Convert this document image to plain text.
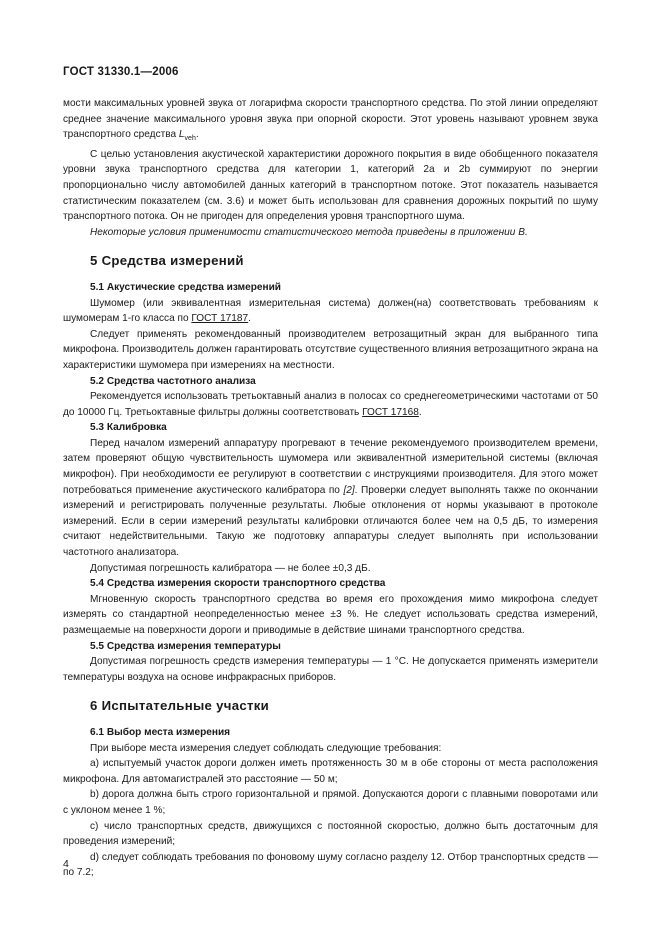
ГОСТ 31330.1—2006

мости максимальных уровней звука от логарифма скорости транспортного средства. По этой линии определяют среднее значение максимального уровня звука при опорной скорости. Этот уровень называют уровнем звука транспортного средства $L_{veh}$.

С целью установления акустической характеристики дорожного покрытия в виде обобщенного показателя уровни звука транспортного средства для категории 1, категорий 2a и 2b суммируют по энергии пропорционально числу автомобилей данных категорий в транспортном потоке. Этот показатель называется статистическим показателем (см. 3.6) и может быть использован для сравнения дорожных покрытий по шуму транспортного потока. Он не пригоден для определения уровня транспортного шума.

Некоторые условия применимости статистического метода приведены в приложении В.

5 Средства измерений

5.1 Акустические средства измерений

Шумомер (или эквивалентная измерительная система) должен(на) соответствовать требованиям к шумомерам 1-го класса по ГОСТ 17187.

Следует применять рекомендованный производителем ветрозащитный экран для выбранного типа микрофона. Производитель должен гарантировать отсутствие существенного влияния ветрозащитного экрана на характеристики шумомера при измерениях на местности.

5.2 Средства частотного анализа

Рекомендуется использовать третьоктавный анализ в полосах со среднегеометрическими частотами от 50 до 10000 Гц. Третьоктавные фильтры должны соответствовать ГОСТ 17168.

5.3 Калибровка

Перед началом измерений аппаратуру прогревают в течение рекомендуемого производителем времени, затем проверяют общую чувствительность шумомера или эквивалентной измерительной системы (включая микрофон). При необходимости ее регулируют в соответствии с инструкциями производителя. Для этого может потребоваться применение акустического калибратора по [2]. Проверки следует выполнять также по окончании измерений и регистрировать полученные результаты. Любые отклонения от нормы указывают в протоколе измерений. Если в серии измерений результаты калибровки отличаются более чем на 0,5 дБ, то измерения считают недействительными. Такую же подготовку аппаратуры следует выполнять при использовании частотного анализатора.

Допустимая погрешность калибратора — не более ±0,3 дБ.

5.4 Средства измерения скорости транспортного средства

Мгновенную скорость транспортного средства во время его прохождения мимо микрофона следует измерять со стандартной неопределенностью менее ±3 %. Не следует использовать средства измерений, размещаемые на поверхности дороги и приводимые в действие шинами транспортного средства.

5.5 Средства измерения температуры

Допустимая погрешность средств измерения температуры — 1 °С. Не допускается применять измерители температуры воздуха на основе инфракрасных приборов.

6 Испытательные участки

6.1 Выбор места измерения

При выборе места измерения следует соблюдать следующие требования:

a) испытуемый участок дороги должен иметь протяженность 30 м в обе стороны от места расположения микрофона. Для автомагистралей это расстояние — 50 м;

b) дорога должна быть строго горизонтальной и прямой. Допускаются дороги с плавными поворотами или с уклоном менее 1 %;

c) число транспортных средств, движущихся с постоянной скоростью, должно быть достаточным для проведения измерений;

d) следует соблюдать требования по фоновому шуму согласно разделу 12. Отбор транспортных средств — по 7.2;

4
